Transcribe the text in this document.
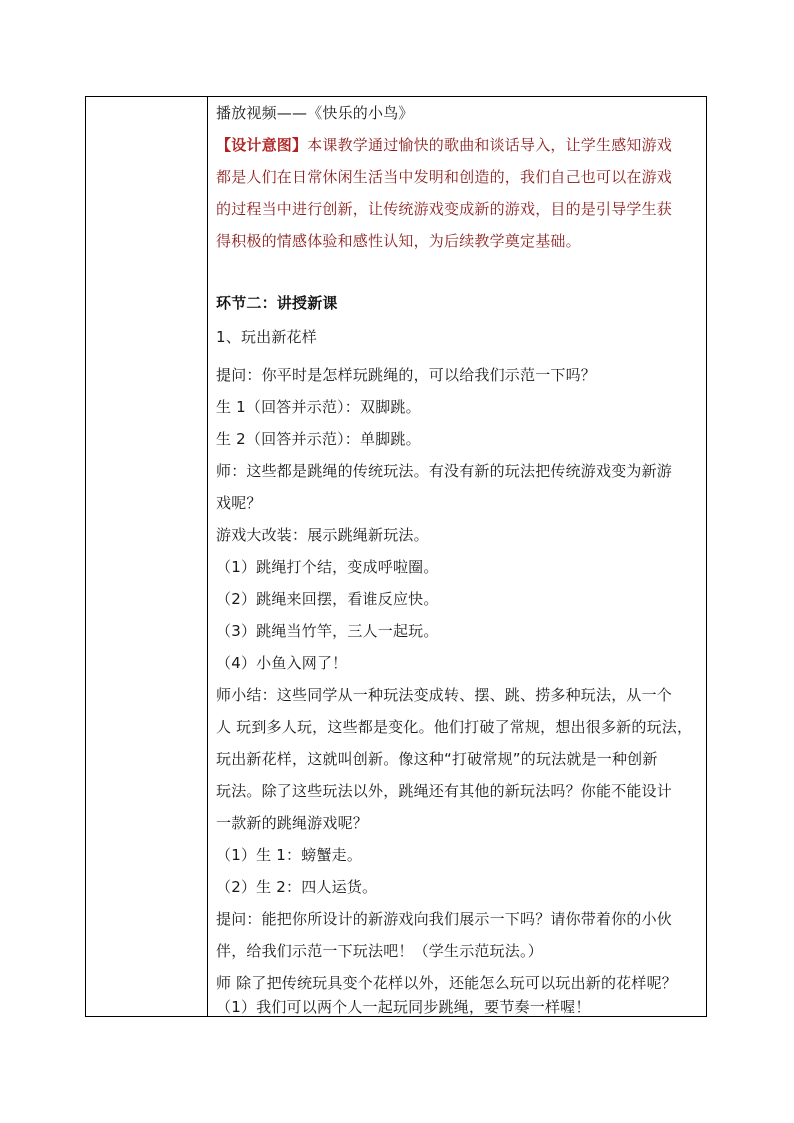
播放视频——《快乐的小鸟》
【设计意图】本课教学通过愉快的歌曲和谈话导入，让学生感知游戏
都是人们在日常休闲生活当中发明和创造的，我们自己也可以在游戏
的过程当中进行创新，让传统游戏变成新的游戏，目的是引导学生获
得积极的情感体验和感性认知，为后续教学奠定基础。
环节二：讲授新课
1、玩出新花样
提问：你平时是怎样玩跳绳的，可以给我们示范一下吗？
生 1（回答并示范）：双脚跳。
生 2（回答并示范）：单脚跳。
师：这些都是跳绳的传统玩法。有没有新的玩法把传统游戏变为新游
戏呢？
游戏大改装：展示跳绳新玩法。
（1）跳绳打个结，变成呼啦圈。
（2）跳绳来回摆，看谁反应快。
（3）跳绳当竹竿，三人一起玩。
（4）小鱼入网了！
师小结：这些同学从一种玩法变成转、摆、跳、捞多种玩法，从一个
人 玩到多人玩，这些都是变化。他们打破了常规，想出很多新的玩法，
玩出新花样，这就叫创新。像这种“打破常规”的玩法就是一种创新
玩法。除了这些玩法以外，跳绳还有其他的新玩法吗？你能不能设计
一款新的跳绳游戏呢？
（1）生 1：螃蟹走。
（2）生 2：四人运货。
提问：能把你所设计的新游戏向我们展示一下吗？请你带着你的小伙
伴，给我们示范一下玩法吧！（学生示范玩法。）
师 除了把传统玩具变个花样以外，还能怎么玩可以玩出新的花样呢？
（1）我们可以两个人一起玩同步跳绳，要节奏一样喔！
